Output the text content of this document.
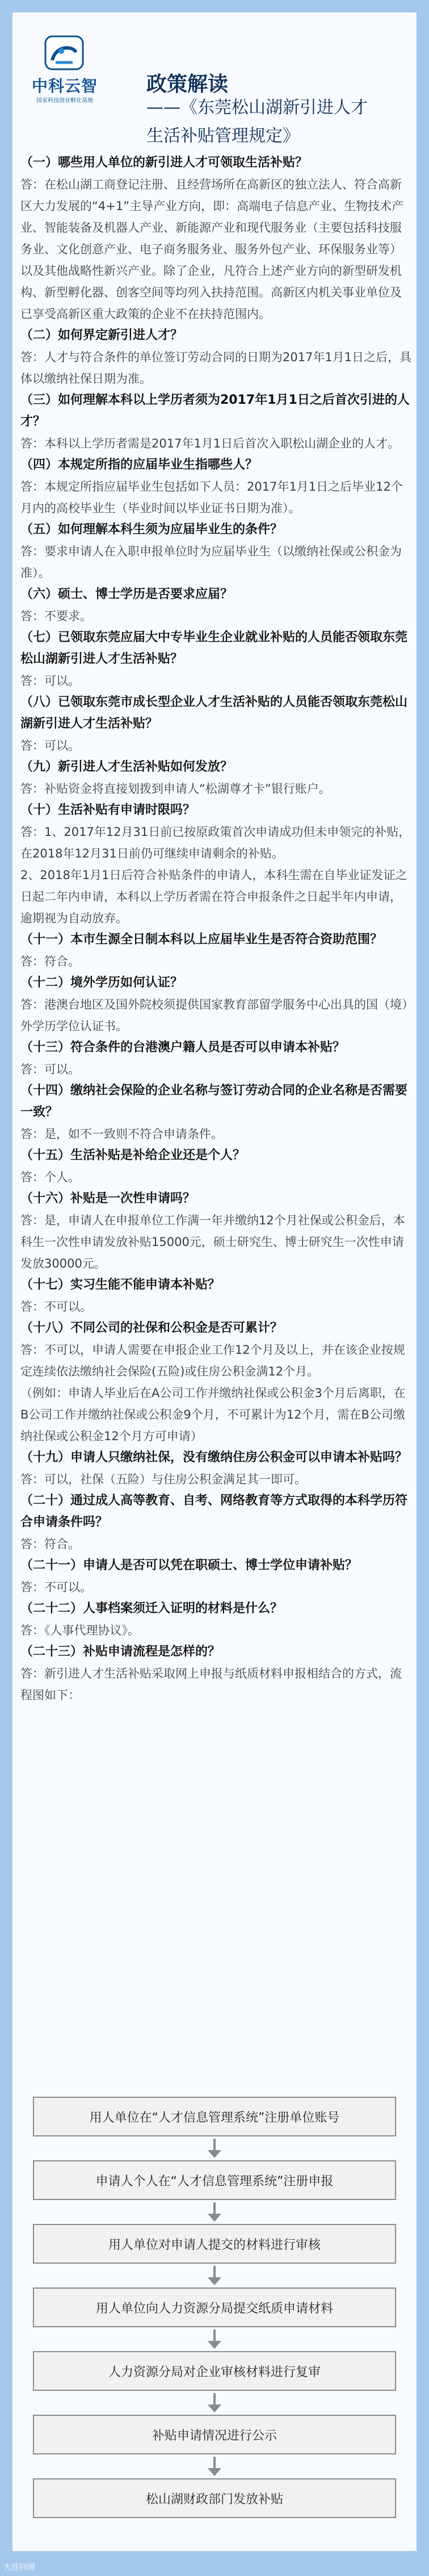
中科云智
国家科技创业孵化基地
政策解读
——《东莞松山湖新引进人才
生活补贴管理规定》
（一）哪些用人单位的新引进人才可领取生活补贴？
答：在松山湖工商登记注册、且经营场所在高新区的独立法人、符合高新区大力发展的“4+1”主导产业方向，即：高端电子信息产业、生物技术产业、智能装备及机器人产业、新能源产业和现代服务业（主要包括科技服务业、文化创意产业、电子商务服务业、服务外包产业、环保服务业等）以及其他战略性新兴产业。除了企业，凡符合上述产业方向的新型研发机构、新型孵化器、创客空间等均列入扶持范围。高新区内机关事业单位及已享受高新区重大政策的企业不在扶持范围内。
（二）如何界定新引进人才？
答：人才与符合条件的单位签订劳动合同的日期为2017年1月1日之后，具体以缴纳社保日期为准。
（三）如何理解本科以上学历者须为2017年1月1日之后首次引进的人才？
答：本科以上学历者需是2017年1月1日后首次入职松山湖企业的人才。
（四）本规定所指的应届毕业生指哪些人？
答：本规定所指应届毕业生包括如下人员：2017年1月1日之后毕业12个月内的高校毕业生（毕业时间以毕业证书日期为准）。
（五）如何理解本科生须为应届毕业生的条件？
答：要求申请人在入职申报单位时为应届毕业生（以缴纳社保或公积金为准）。
（六）硕士、博士学历是否要求应届？
答：不要求。
（七）已领取东莞应届大中专毕业生企业就业补贴的人员能否领取东莞松山湖新引进人才生活补贴？
答：可以。
（八）已领取东莞市成长型企业人才生活补贴的人员能否领取东莞松山湖新引进人才生活补贴？
答：可以。
（九）新引进人才生活补贴如何发放？
答：补贴资金将直接划拨到申请人“松湖尊才卡”银行账户。
（十）生活补贴有申请时限吗？
答：1、2017年12月31日前已按原政策首次申请成功但未申领完的补贴，在2018年12月31日前仍可继续申请剩余的补贴。
2、2018年1月1日后符合补贴条件的申请人，本科生需在自毕业证发证之日起二年内申请，本科以上学历者需在符合申报条件之日起半年内申请，逾期视为自动放弃。
（十一）本市生源全日制本科以上应届毕业生是否符合资助范围？
答：符合。
（十二）境外学历如何认证？
答：港澳台地区及国外院校须提供国家教育部留学服务中心出具的国（境）外学历学位认证书。
（十三）符合条件的台港澳户籍人员是否可以申请本补贴？
答：可以。
（十四）缴纳社会保险的企业名称与签订劳动合同的企业名称是否需要一致？
答：是，如不一致则不符合申请条件。
（十五）生活补贴是补给企业还是个人？
答：个人。
（十六）补贴是一次性申请吗？
答：是，申请人在申报单位工作满一年并缴纳12个月社保或公积金后，本科生一次性申请发放补贴15000元，硕士研究生、博士研究生一次性申请发放30000元。
（十七）实习生能不能申请本补贴？
答：不可以。
（十八）不同公司的社保和公积金是否可累计？
答：不可以，申请人需要在申报企业工作12个月及以上，并在该企业按规定连续依法缴纳社会保险(五险)或住房公积金满12个月。
（例如：申请人毕业后在A公司工作并缴纳社保或公积金3个月后离职，在B公司工作并缴纳社保或公积金9个月，不可累计为12个月，需在B公司缴纳社保或公积金12个月方可申请）
（十九）申请人只缴纳社保，没有缴纳住房公积金可以申请本补贴吗？
答：可以，社保（五险）与住房公积金满足其一即可。
（二十）通过成人高等教育、自考、网络教育等方式取得的本科学历符合申请条件吗？
答：符合。
（二十一）申请人是否可以凭在职硕士、博士学位申请补贴？
答：不可以。
（二十二）人事档案须迁入证明的材料是什么？
答：《人事代理协议》。
（二十三）补贴申请流程是怎样的？
答：新引进人才生活补贴采取网上申报与纸质材料申报相结合的方式，流程图如下：
用人单位在“人才信息管理系统”注册单位账号
申请人个人在“人才信息管理系统”注册申报
用人单位对申请人提交的材料进行审核
用人单位向人力资源分局提交纸质申请材料
人力资源分局对企业审核材料进行复审
补贴申请情况进行公示
松山湖财政部门发放补贴
大佳同图
